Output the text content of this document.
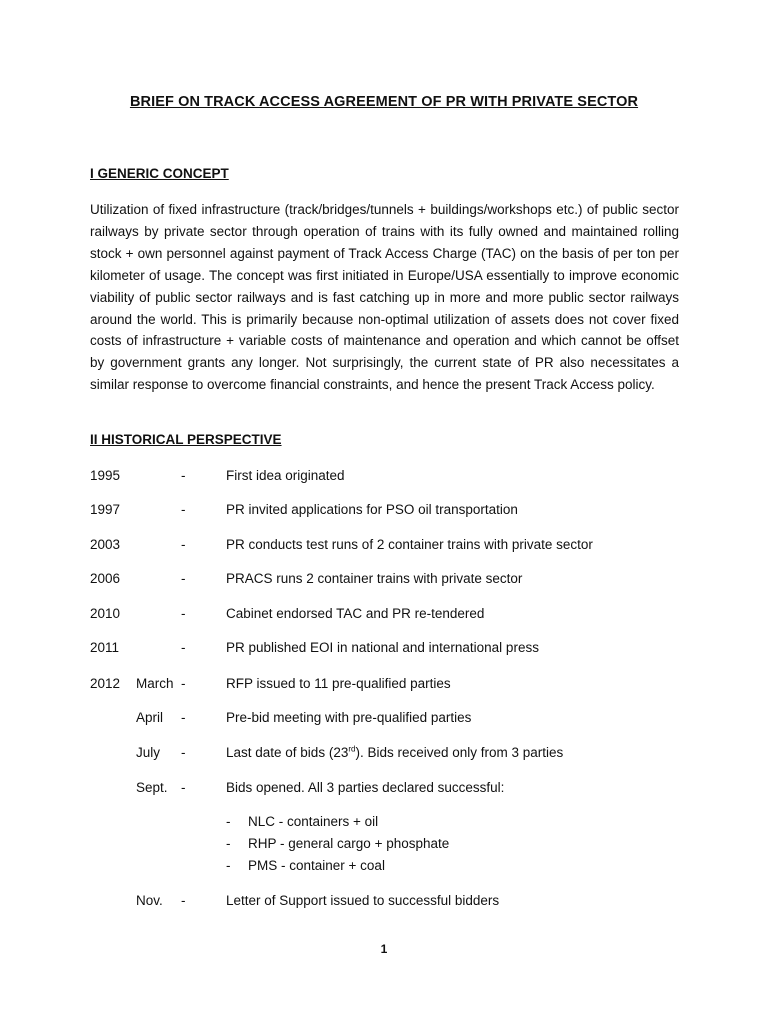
BRIEF ON TRACK ACCESS AGREEMENT OF PR WITH PRIVATE SECTOR
I GENERIC CONCEPT

Utilization of fixed infrastructure (track/bridges/tunnels + buildings/workshops etc.) of public sector railways by private sector through operation of trains with its fully owned and maintained rolling stock + own personnel against payment of Track Access Charge (TAC) on the basis of per ton per kilometer of usage. The concept was first initiated in Europe/USA essentially to improve economic viability of public sector railways and is fast catching up in more and more public sector railways around the world. This is primarily because non-optimal utilization of assets does not cover fixed costs of infrastructure + variable costs of maintenance and operation and which cannot be offset by government grants any longer. Not surprisingly, the current state of PR also necessitates a similar response to overcome financial constraints, and hence the present Track Access policy.

II HISTORICAL PERSPECTIVE
1995	-	First idea originated
1997	-	PR invited applications for PSO oil transportation
2003	-	PR conducts test runs of 2 container trains with private sector
2006	-	PRACS runs 2 container trains with private sector
2010	-	Cabinet endorsed TAC and PR re-tendered
2011	-	PR published EOI in national and international press
2012 March -	RFP issued to 11 pre-qualified parties
April -	Pre-bid meeting with pre-qualified parties
July -	Last date of bids (23rd). Bids received only from 3 parties
Sept. -	Bids opened. All 3 parties declared successful:
- NLC - containers + oil
- RHP - general cargo + phosphate
- PMS - container + coal
Nov. -	Letter of Support issued to successful bidders
1
